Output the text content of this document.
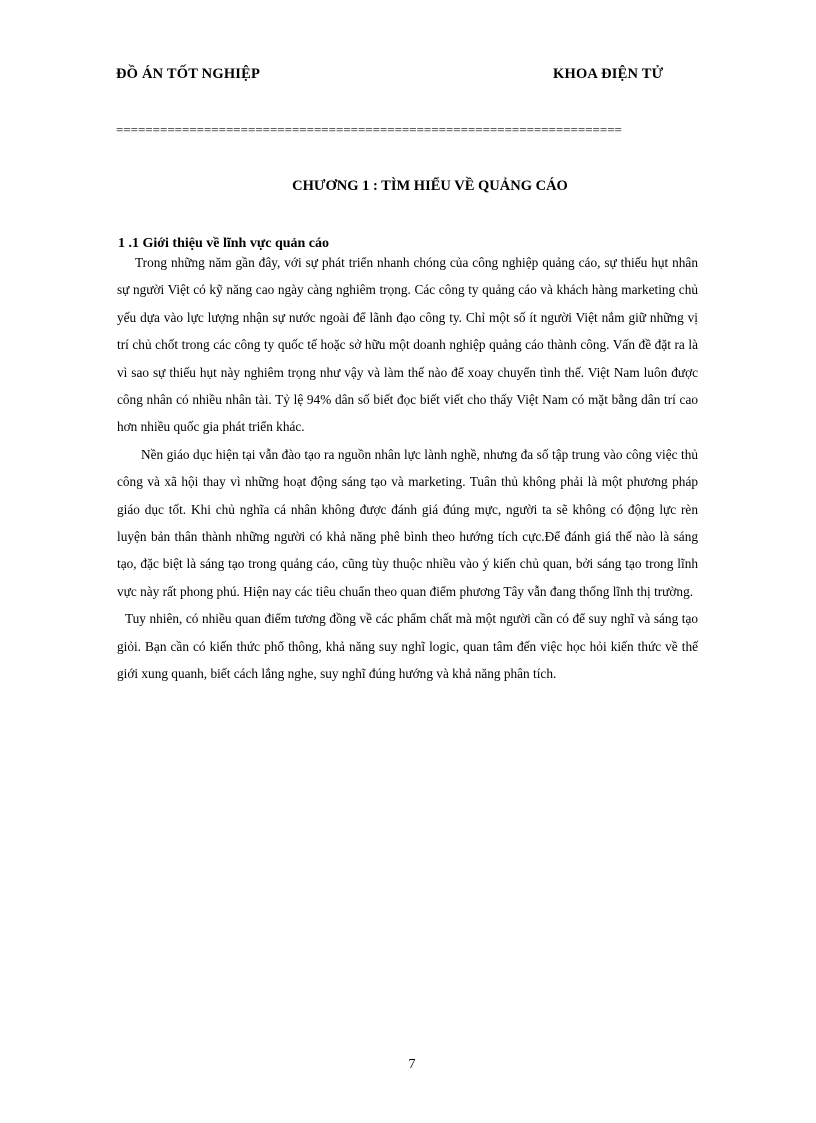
ĐỒ ÁN TỐT NGHIỆP	KHOA ĐIỆN TỬ
=====================================================================
CHƯƠNG 1 : TÌM HIỂU VỀ QUẢNG CÁO
1 .1 Giới thiệu về lĩnh vực quản cáo

Trong những năm gần đây, với sự phát triển nhanh chóng của công nghiệp quảng cáo, sự thiếu hụt nhân sự người Việt có kỹ năng cao ngày càng nghiêm trọng. Các công ty quảng cáo và khách hàng marketing chủ yếu dựa vào lực lượng nhận sự nước ngoài để lãnh đạo công ty. Chỉ một số ít người Việt nắm giữ những vị trí chủ chốt trong các công ty quốc tế hoặc sở hữu một doanh nghiệp quảng cáo thành công. Vấn đề đặt ra là vì sao sự thiếu hụt này nghiêm trọng như vậy và làm thế nào để xoay chuyển tình thế. Việt Nam luôn được công nhân có nhiều nhân tài. Tỷ lệ 94% dân số biết đọc biết viết cho thấy Việt Nam có mặt bằng dân trí cao hơn nhiều quốc gia phát triển khác.

Nền giáo dục hiện tại vẫn đào tạo ra nguồn nhân lực lành nghề, nhưng đa số tập trung vào công việc thủ công và xã hội thay vì những hoạt động sáng tạo và marketing. Tuân thủ không phải là một phương pháp giáo dục tốt. Khi chủ nghĩa cá nhân không được đánh giá đúng mực, người ta sẽ không có động lực rèn luyện bản thân thành những người có khả năng phê bình theo hướng tích cực.Để đánh giá thế nào là sáng tạo, đặc biệt là sáng tạo trong quảng cáo, cũng tùy thuộc nhiều vào ý kiến chủ quan, bởi sáng tạo trong lĩnh vực này rất phong phú. Hiện nay các tiêu chuẩn theo quan điểm phương Tây vẫn đang thống lĩnh thị trường.

Tuy nhiên, có nhiều quan điểm tương đồng về các phẩm chất mà một người cần có để suy nghĩ và sáng tạo giỏi. Bạn cần có kiến thức phổ thông, khả năng suy nghĩ logic, quan tâm đến việc học hỏi kiến thức về thế giới xung quanh, biết cách lắng nghe, suy nghĩ đúng hướng và khả năng phân tích.

7
